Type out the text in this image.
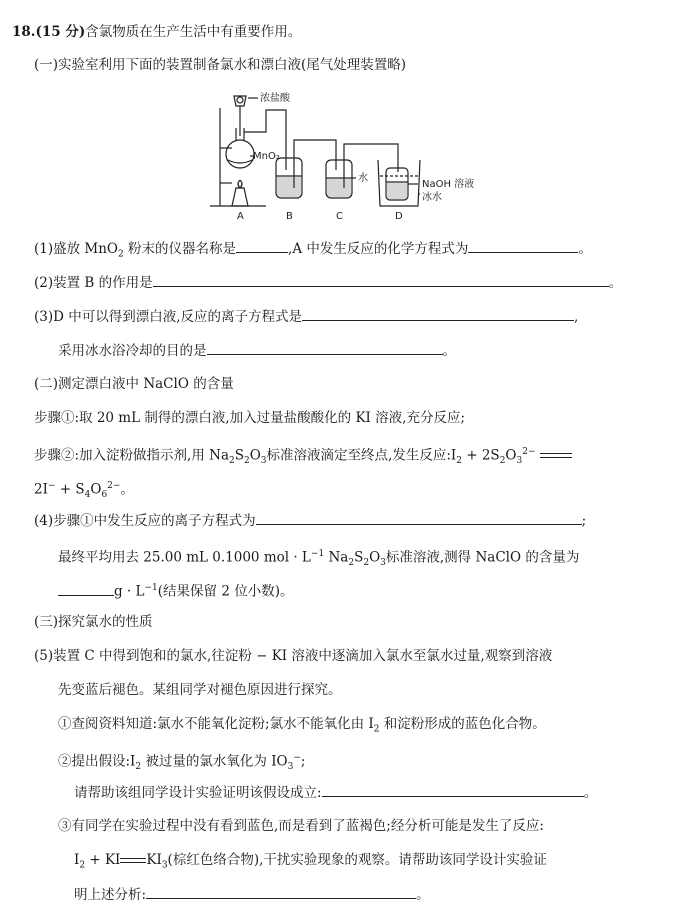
18.(15 分)含氯物质在生产生活中有重要作用。
(一)实验室利用下面的装置制备氯水和漂白液(尾气处理装置略)
浓盐酸
MnO₂
水
NaOH 溶液
冰水
A	B	C	D
(1)盛放 MnO$_2$ 粉末的仪器名称是	,A 中发生反应的化学方程式为	。
(2)装置 B 的作用是	。
(3)D 中可以得到漂白液,反应的离子方程式是	,
采用冰水浴冷却的目的是	。
(二)测定漂白液中 NaClO 的含量
步骤①:取 20 mL 制得的漂白液,加入过量盐酸酸化的 KI 溶液,充分反应;
步骤②:加入淀粉做指示剂,用 $Na_2S_2O_3$标准溶液滴定至终点,发生反应$:I_2 + 2S_2O_3^{2-}$
$2I^- + S_4O_6^{2-}$。
(4)步骤①中发生反应的离子方程式为	;
最终平均用去 25.00 mL 0.1000 mol · $L^{-1}$ $Na_2S_2O_3$标准溶液,测得 NaClO 的含量为
$g \cdot L^{-1}$(结果保留 2 位小数)。
(三)探究氯水的性质
(5)装置 C 中得到饱和的氯水,往淀粉 − KI 溶液中逐滴加入氯水至氯水过量,观察到溶液
先变蓝后褪色。某组同学对褪色原因进行探究。
①查阅资料知道:氯水不能氧化淀粉;氯水不能氧化由 $I_2$ 和淀粉形成的蓝色化合物。
②提出假设$:I_2$ 被过量的氯水氧化为 $IO_3^-$;
请帮助该组同学设计实验证明该假设成立:	。
③有同学在实验过程中没有看到蓝色,而是看到了蓝褐色;经分析可能是发生了反应:
$I_2$ + KI $KI_3$(棕红色络合物),干扰实验现象的观察。请帮助该同学设计实验证
明上述分析:	。
